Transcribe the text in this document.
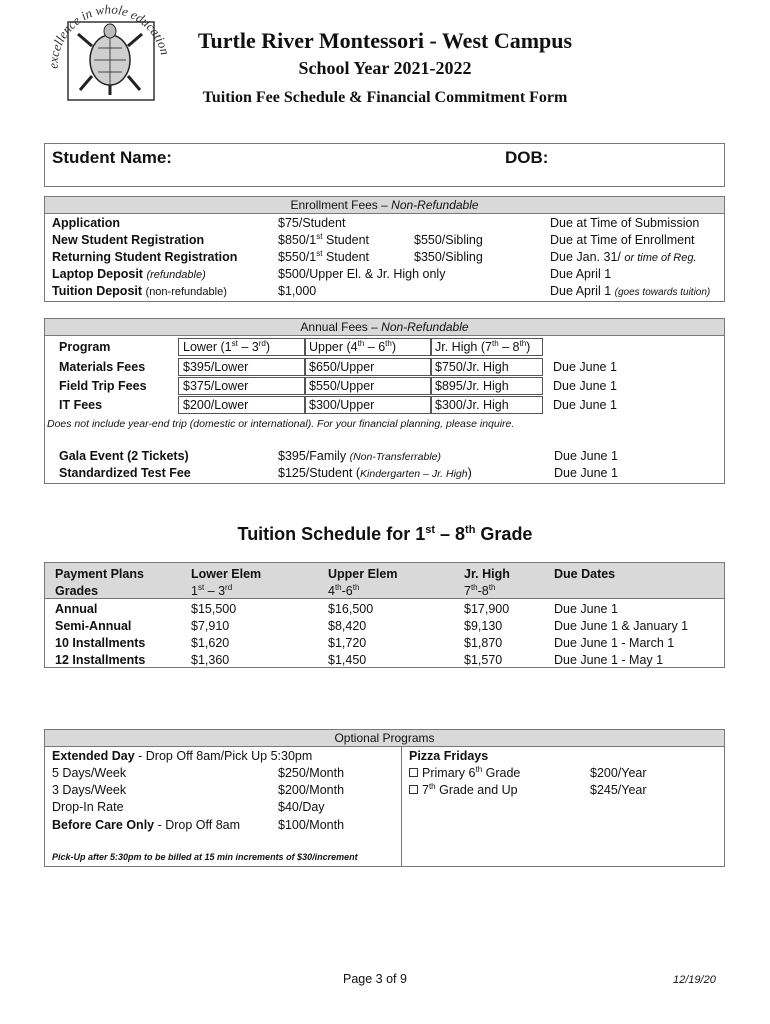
excellence in whole education	Turtle River Montessori - West Campus
School Year 2021-2022
Tuition Fee Schedule & Financial Commitment Form
Student Name:	DOB:
Enrollment Fees – Non-Refundable
Application	$75/Student	Due at Time of Submission
New Student Registration	$850/1st Student	$550/Sibling	Due at Time of Enrollment
Returning Student Registration	$550/1st Student	$350/Sibling	Due Jan. 31/ or time of Reg.
Laptop Deposit (refundable)	$500/Upper El. & Jr. High only	Due April 1
Tuition Deposit (non-refundable)	$1,000	Due April 1 (goes towards tuition)
Annual Fees – Non-Refundable
Program	Lower (1st – 3rd)	Upper (4th – 6th)	Jr. High (7th – 8th)
Materials Fees	$395/Lower	$650/Upper	$750/Jr. High	Due June 1
Field Trip Fees	$375/Lower	$550/Upper	$895/Jr. High	Due June 1
IT Fees	$200/Lower	$300/Upper	$300/Jr. High	Due June 1
Does not include year-end trip (domestic or international). For your financial planning, please inquire.
Gala Event (2 Tickets)	$395/Family (Non-Transferrable)	Due June 1
Standardized Test Fee	$125/Student (Kindergarten – Jr. High)	Due June 1
Tuition Schedule for 1st – 8th Grade
Payment Plans	Lower Elem	Upper Elem	Jr. High	Due Dates
Grades	1st – 3rd	4th-6th	7th-8th
Annual	$15,500	$16,500	$17,900	Due June 1
Semi-Annual	$7,910	$8,420	$9,130	Due June 1 & January 1
10 Installments	$1,620	$1,720	$1,870	Due June 1 - March 1
12 Installments	$1,360	$1,450	$1,570	Due June 1 - May 1
Optional Programs
Extended Day - Drop Off 8am/Pick Up 5:30pm
5 Days/Week	$250/Month
3 Days/Week	$200/Month
Drop-In Rate	$40/Day
Before Care Only - Drop Off 8am	$100/Month
Pick-Up after 5:30pm to be billed at 15 min increments of $30/increment
Pizza Fridays
Primary 6th Grade	$200/Year
7th Grade and Up	$245/Year
Page 3 of 9	12/19/20
